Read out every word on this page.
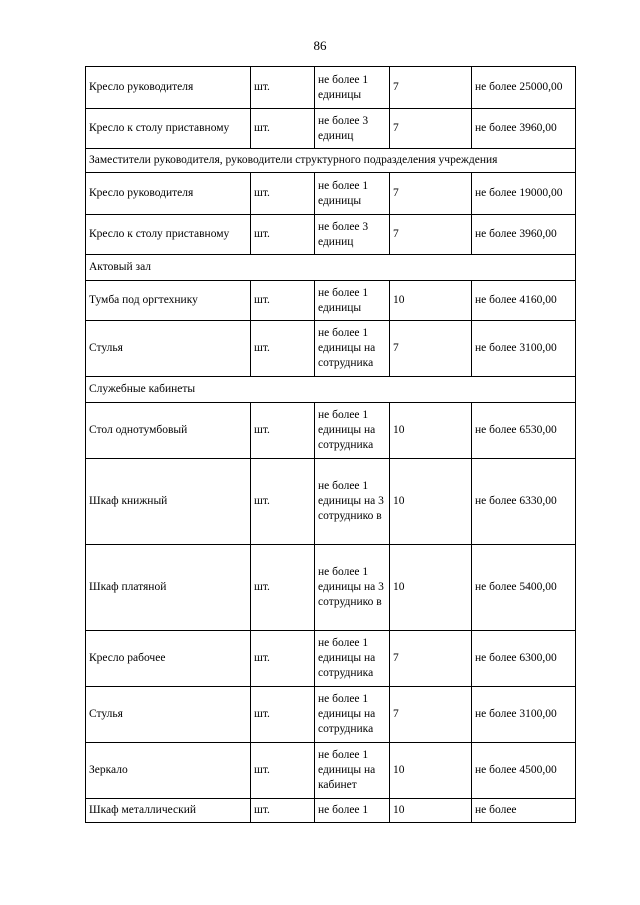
86
Кресло руководителя	шт.	не более 1 единицы	7	не более 25000,00
Кресло к столу приставному	шт.	не более 3 единиц	7	не более 3960,00
Заместители руководителя, руководители структурного подразделения учреждения				
Кресло руководителя	шт.	не более 1 единицы	7	не более 19000,00
Кресло к столу приставному	шт.	не более 3 единиц	7	не более 3960,00
Актовый зал				
Тумба под оргтехнику	шт.	не более 1 единицы	10	не более 4160,00
Стулья	шт.	не более 1 единицы на сотрудника	7	не более 3100,00
Служебные кабинеты				
Стол однотумбовый	шт.	не более 1 единицы на сотрудника	10	не более 6530,00
Шкаф книжный	шт.	не более 1 единицы на 3 сотруднико в	10	не более 6330,00
Шкаф платяной	шт.	не более 1 единицы на 3 сотруднико в	10	не более 5400,00
Кресло рабочее	шт.	не более 1 единицы на сотрудника	7	не более 6300,00
Стулья	шт.	не более 1 единицы на сотрудника	7	не более 3100,00
Зеркало	шт.	не более 1 единицы на кабинет	10	не более 4500,00
Шкаф металлический	шт.	не более 1	10	не более
